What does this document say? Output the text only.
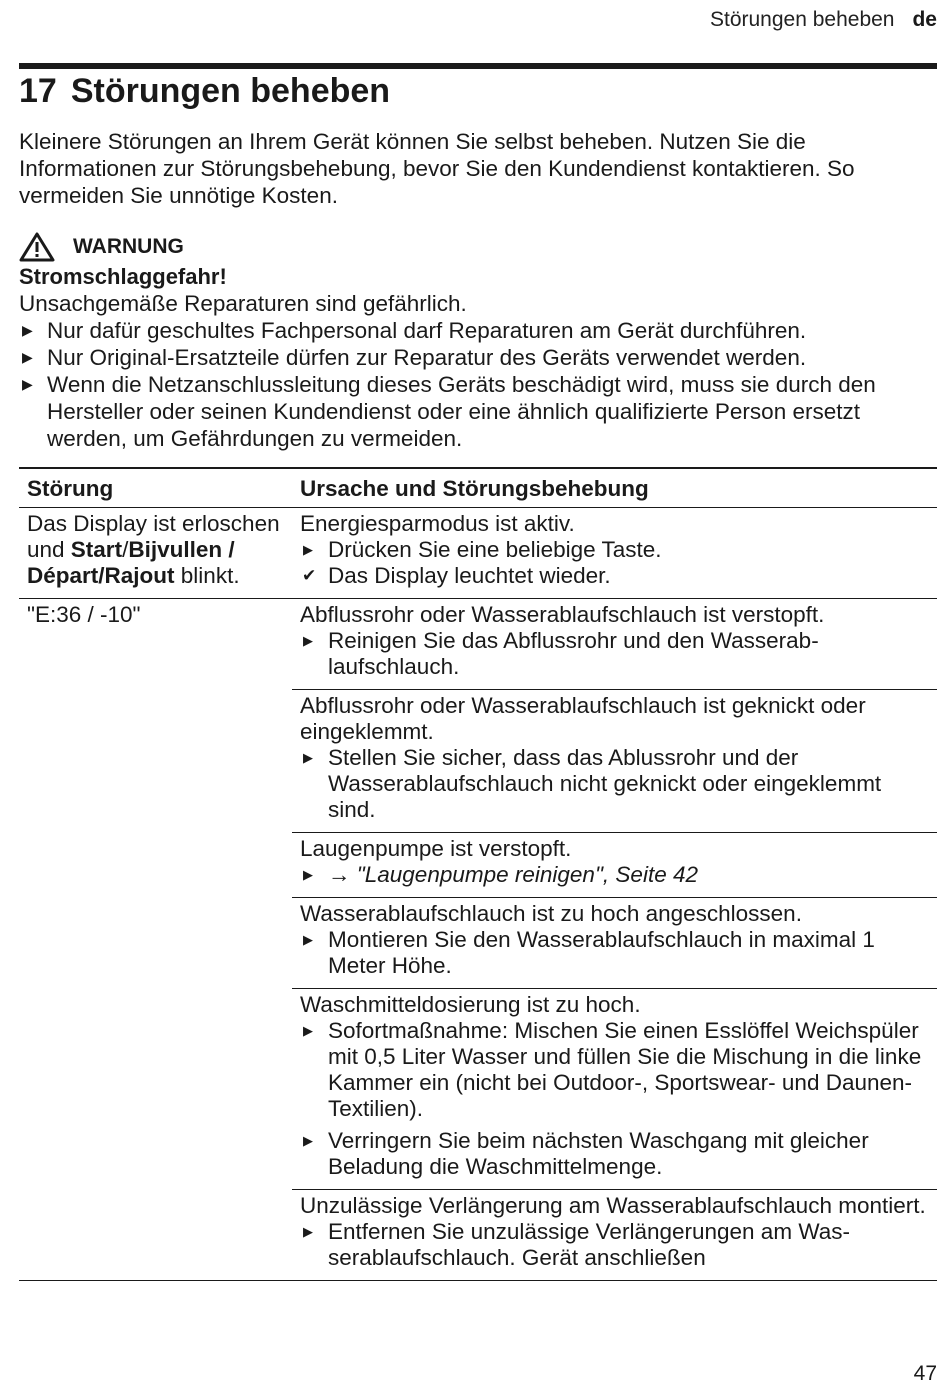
Störungen beheben de
17 Störungen beheben

Kleinere Störungen an Ihrem Gerät können Sie selbst beheben. Nutzen Sie die Informationen zur Störungsbehebung, bevor Sie den Kundendienst kontaktieren. So vermeiden Sie unnötige Kosten.

WARNUNG
Stromschlaggefahr!
Unsachgemäße Reparaturen sind gefährlich.
▶ Nur dafür geschultes Fachpersonal darf Reparaturen am Gerät durchführen.
▶ Nur Original-Ersatzteile dürfen zur Reparatur des Geräts verwendet werden.
▶ Wenn die Netzanschlussleitung dieses Geräts beschädigt wird, muss sie durch den Hersteller oder seinen Kundendienst oder eine ähnlich qualifizierte Person ersetzt werden, um Gefährdungen zu vermeiden.
Störung	Ursache und Störungsbehebung
Das Display ist erloschen und Start/Bijvullen / Départ/Rajout blinkt.	Energiesparmodus ist aktiv.
▶ Drücken Sie eine beliebige Taste.
✔ Das Display leuchtet wieder.

"E:36 / -10"	Abflussrohr oder Wasserablaufschlauch ist verstopft.
▶ Reinigen Sie das Abflussrohr und den Wasserablaufschlauch.

	Abflussrohr oder Wasserablaufschlauch ist geknickt oder eingeklemmt.
▶ Stellen Sie sicher, dass das Ablussrohr und der Wasserablaufschlauch nicht geknickt oder eingeklemmt sind.

	Laugenpumpe ist verstopft.
▶ → "Laugenpumpe reinigen", Seite 42

	Wasserablaufschlauch ist zu hoch angeschlossen.
▶ Montieren Sie den Wasserablaufschlauch in maximal 1 Meter Höhe.

	Waschmitteldosierung ist zu hoch.
▶ Sofortmaßnahme: Mischen Sie einen Esslöffel Weichspüler mit 0,5 Liter Wasser und füllen Sie die Mischung in die linke Kammer ein (nicht bei Outdoor-, Sportswear- und Daunen-Textilien).
▶ Verringern Sie beim nächsten Waschgang mit gleicher Beladung die Waschmittelmenge.

	Unzulässige Verlängerung am Wasserablaufschlauch montiert.
▶ Entfernen Sie unzulässige Verlängerungen am Wasserablaufschlauch. Gerät anschließen
47
